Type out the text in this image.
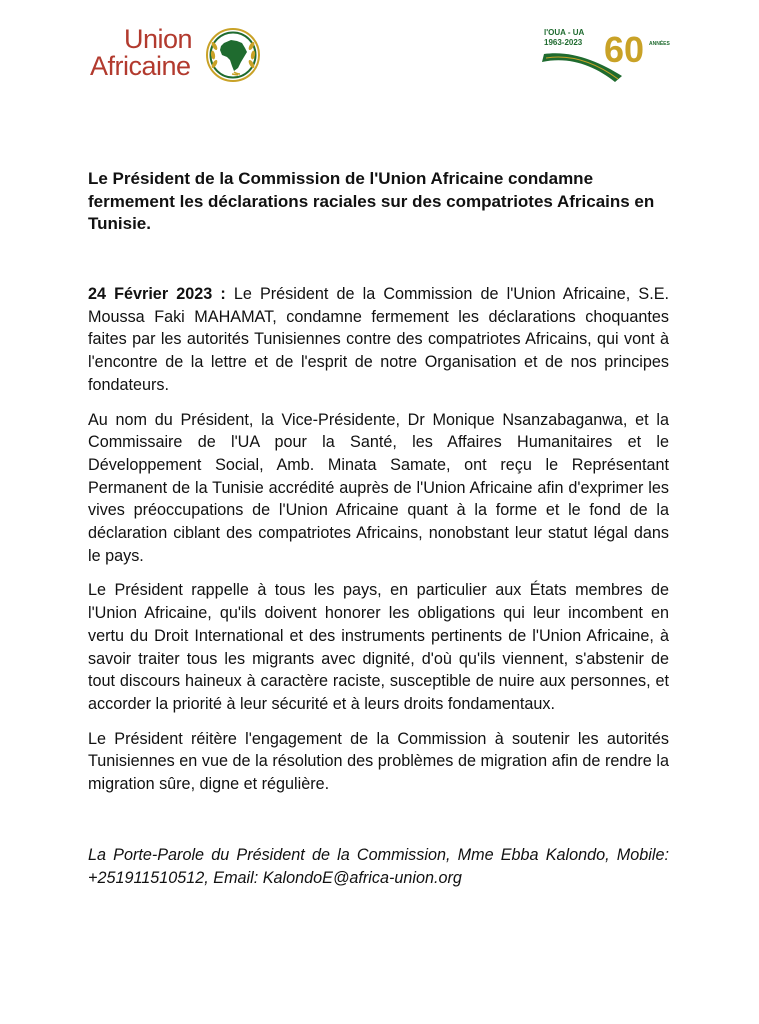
Union
Africaine
l'OUA - UA
1963-2023 60 ANNÉES
Le Président de la Commission de l'Union Africaine condamne fermement les déclarations raciales sur des compatriotes Africains en Tunisie.

24 Février 2023 : Le Président de la Commission de l'Union Africaine, S.E. Moussa Faki MAHAMAT, condamne fermement les déclarations choquantes faites par les autorités Tunisiennes contre des compatriotes Africains, qui vont à l'encontre de la lettre et de l'esprit de notre Organisation et de nos principes fondateurs.

Au nom du Président, la Vice-Présidente, Dr Monique Nsanzabaganwa, et la Commissaire de l'UA pour la Santé, les Affaires Humanitaires et le Développement Social, Amb. Minata Samate, ont reçu le Représentant Permanent de la Tunisie accrédité auprès de l'Union Africaine afin d'exprimer les vives préoccupations de l'Union Africaine quant à la forme et le fond de la déclaration ciblant des compatriotes Africains, nonobstant leur statut légal dans le pays.

Le Président rappelle à tous les pays, en particulier aux États membres de l'Union Africaine, qu'ils doivent honorer les obligations qui leur incombent en vertu du Droit International et des instruments pertinents de l'Union Africaine, à savoir traiter tous les migrants avec dignité, d'où qu'ils viennent, s'abstenir de tout discours haineux à caractère raciste, susceptible de nuire aux personnes, et accorder la priorité à leur sécurité et à leurs droits fondamentaux.

Le Président réitère l'engagement de la Commission à soutenir les autorités Tunisiennes en vue de la résolution des problèmes de migration afin de rendre la migration sûre, digne et régulière.

La Porte-Parole du Président de la Commission, Mme Ebba Kalondo, Mobile: +251911510512, Email: KalondoE@africa-union.org
